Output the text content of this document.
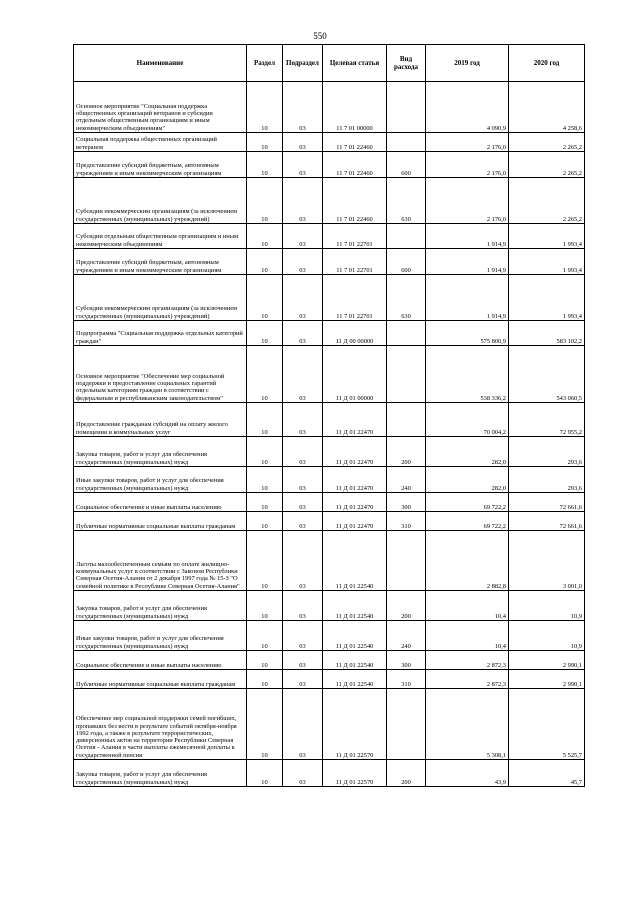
550
Наименование	Раздел	Подраздел	Целевая статья	Вид расхода	2019 год	2020 год
Основное мероприятие "Социальная поддержка общественных организаций ветеранов и субсидии отдельным общественным организациям и иным некоммерческим объединениям"	10	03	11 7 01 00000		4 090,9	4 258,6
Социальная поддержка общественных организаций ветеранов	10	03	11 7 01 22460		2 176,0	2 265,2
Предоставление субсидий бюджетным, автономным учреждениям и иным некоммерческим организациям	10	03	11 7 01 22460	600	2 176,0	2 265,2
Субсидии некоммерческим организациям (за исключением государственных (муниципальных) учреждений)	10	03	11 7 01 22460	630	2 176,0	2 265,2
Субсидии отдельным общественным организациям и иным некоммерческим объединениям	10	03	11 7 01 22701		1 914,9	1 993,4
Предоставление субсидий бюджетным, автономным учреждениям и иным некоммерческим организациям	10	03	11 7 01 22701	600	1 914,9	1 993,4
Субсидии некоммерческим организациям (за исключением государственных (муниципальных) учреждений)	10	03	11 7 01 22701	630	1 914,9	1 993,4
Подпрограмма "Социальная поддержка отдельных категорий граждан"	10	03	11 Д 00 00000		575 800,9	583 102,2
Основное мероприятие "Обеспечение мер социальной поддержки и предоставление социальных гарантий отдельным категориям граждан в соответствии с федеральным и республиканским законодательством"	10	03	11 Д 01 00000		538 336,2	543 060,5
Предоставление гражданам субсидий на оплату жилого помещения и коммунальных услуг	10	03	11 Д 01 22470		70 004,2	72 955,2
Закупка товаров, работ и услуг для обеспечения государственных (муниципальных) нужд	10	03	11 Д 01 22470	200	282,0	293,6
Иные закупки товаров, работ и услуг для обеспечения государственных (муниципальных) нужд	10	03	11 Д 01 22470	240	282,0	293,6
Социальное обеспечение и иные выплаты населению	10	03	11 Д 01 22470	300	69 722,2	72 661,6
Публичные нормативные социальные выплаты гражданам	10	03	11 Д 01 22470	310	69 722,2	72 661,6
Льготы малообеспеченным семьям по оплате жилищно-коммунальных услуг в соответствии с Законом Республики Северная Осетия-Алания от 2 декабря 1997 года № 15-З "О семейной политике в Республике Северная Осетия-Алания"	10	03	11 Д 01 22540		2 882,8	3 001,0
Закупка товаров, работ и услуг для обеспечения государственных (муниципальных) нужд	10	03	11 Д 01 22540	200	10,4	10,9
Иные закупки товаров, работ и услуг для обеспечения государственных (муниципальных) нужд	10	03	11 Д 01 22540	240	10,4	10,9
Социальное обеспечение и иные выплаты населению	10	03	11 Д 01 22540	300	2 872,3	2 990,1
Публичные нормативные социальные выплаты гражданам	10	03	11 Д 01 22540	310	2 872,3	2 990,1
Обеспечение мер социальной поддержки семей погибших, пропавших без вести в результате событий октября-ноября 1992 года, а также в результате террористических, диверсионных актов на территории Республики Северная Осетия - Алания в части выплаты ежемесячной доплаты к государственной пенсии	10	03	11 Д 01 22570		5 308,1	5 525,7
Закупка товаров, работ и услуг для обеспечения государственных (муниципальных) нужд	10	03	11 Д 01 22570	200	43,9	45,7
